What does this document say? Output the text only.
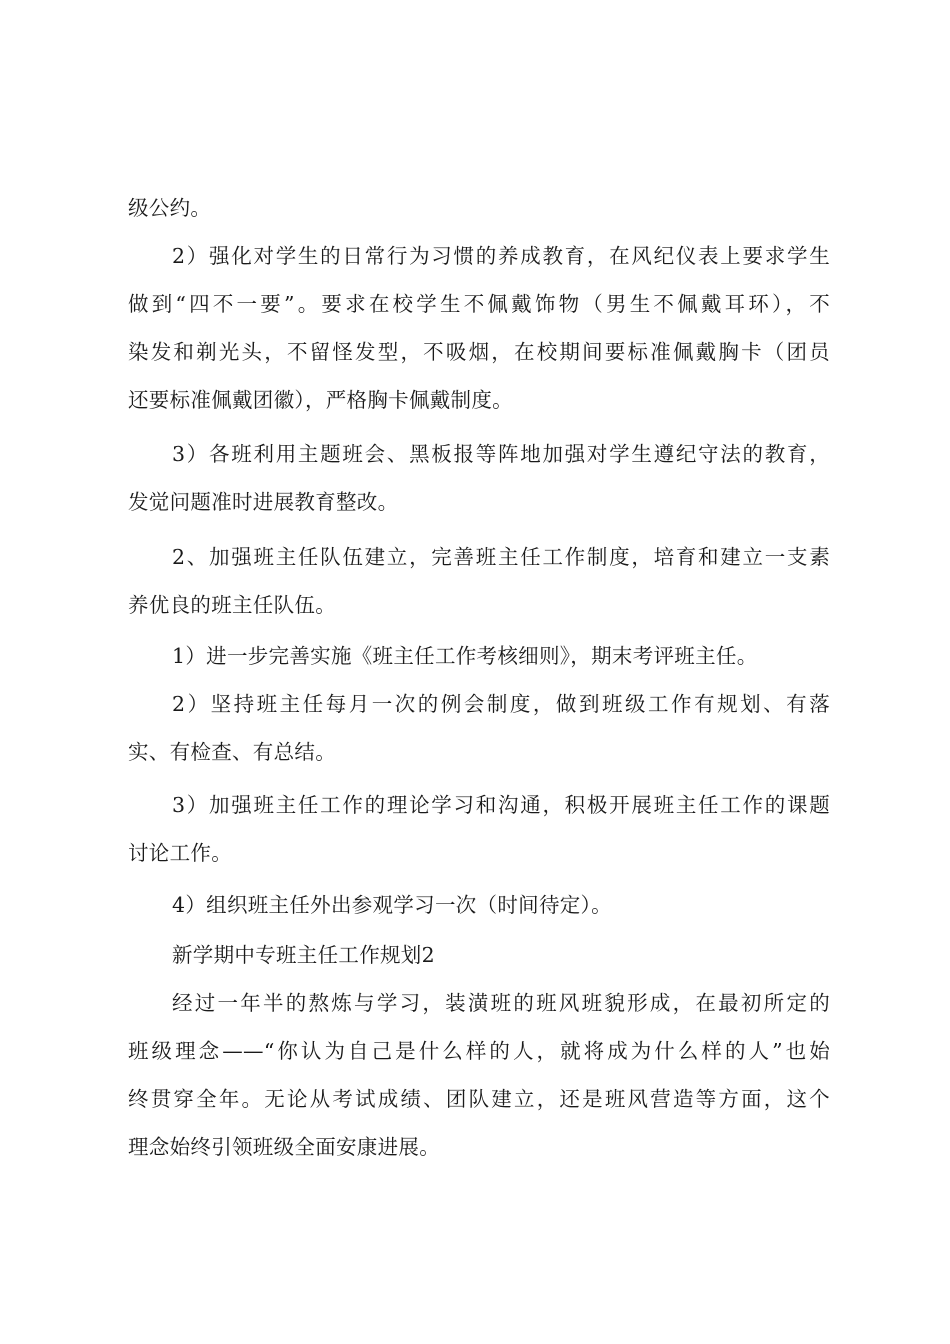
级公约。

2）强化对学生的日常行为习惯的养成教育，在风纪仪表上要求学生

做到“四不一要”。要求在校学生不佩戴饰物（男生不佩戴耳环），不

染发和剃光头，不留怪发型，不吸烟，在校期间要标准佩戴胸卡（团员

还要标准佩戴团徽），严格胸卡佩戴制度。

3）各班利用主题班会、黑板报等阵地加强对学生遵纪守法的教育，

发觉问题准时进展教育整改。

2、加强班主任队伍建立，完善班主任工作制度，培育和建立一支素

养优良的班主任队伍。

1）进一步完善实施《班主任工作考核细则》，期末考评班主任。

2）坚持班主任每月一次的例会制度，做到班级工作有规划、有落

实、有检查、有总结。

3）加强班主任工作的理论学习和沟通，积极开展班主任工作的课题

讨论工作。

4）组织班主任外出参观学习一次（时间待定）。

新学期中专班主任工作规划2

经过一年半的熬炼与学习，装潢班的班风班貌形成，在最初所定的

班级理念——“你认为自己是什么样的人，就将成为什么样的人”也始

终贯穿全年。无论从考试成绩、团队建立，还是班风营造等方面，这个

理念始终引领班级全面安康进展。
